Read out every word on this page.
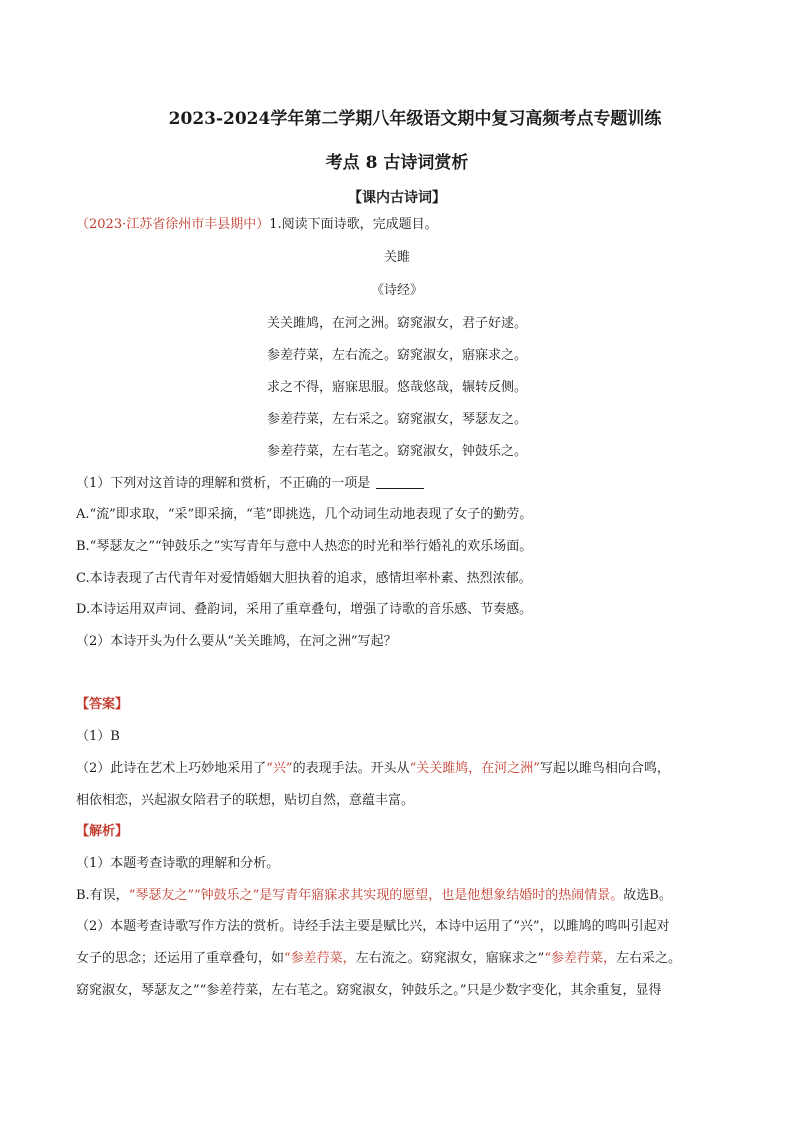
2023-2024学年第二学期八年级语文期中复习高频考点专题训练
考点 8 古诗词赏析
【课内古诗词】
（2023·江苏省徐州市丰县期中）1.阅读下面诗歌，完成题目。
关雎
《诗经》
关关雎鸠，在河之洲。窈窕淑女，君子好逑。
参差荇菜，左右流之。窈窕淑女，寤寐求之。
求之不得，寤寐思服。悠哉悠哉，辗转反侧。
参差荇菜，左右采之。窈窕淑女，琴瑟友之。
参差荇菜，左右芼之。窈窕淑女，钟鼓乐之。
（1）下列对这首诗的理解和赏析，不正确的一项是
A.“流”即求取，“采”即采摘，“芼”即挑选，几个动词生动地表现了女子的勤劳。
B.“琴瑟友之”“钟鼓乐之”实写青年与意中人热恋的时光和举行婚礼的欢乐场面。
C.本诗表现了古代青年对爱情婚姻大胆执着的追求，感情坦率朴素、热烈浓郁。
D.本诗运用双声词、叠韵词，采用了重章叠句，增强了诗歌的音乐感、节奏感。
（2）本诗开头为什么要从“关关雎鸠，在河之洲”写起？
【答案】
（1）B
（2）此诗在艺术上巧妙地采用了“兴”的表现手法。开头从“关关雎鸠，在河之洲”写起以雎鸟相向合鸣，
相依相恋，兴起淑女陪君子的联想，贴切自然，意蕴丰富。
【解析】
（1）本题考查诗歌的理解和分析。
B.有误，“琴瑟友之”“钟鼓乐之”是写青年寤寐求其实现的愿望，也是他想象结婚时的热闹情景。故选B。
（2）本题考查诗歌写作方法的赏析。诗经手法主要是赋比兴，本诗中运用了“兴”，以雎鸠的鸣叫引起对
女子的思念；还运用了重章叠句，如“参差荇菜，左右流之。窈窕淑女，寤寐求之”“参差荇菜，左右采之。
窈窕淑女，琴瑟友之”“参差荇菜，左右芼之。窈窕淑女，钟鼓乐之。”只是少数字变化，其余重复，显得
